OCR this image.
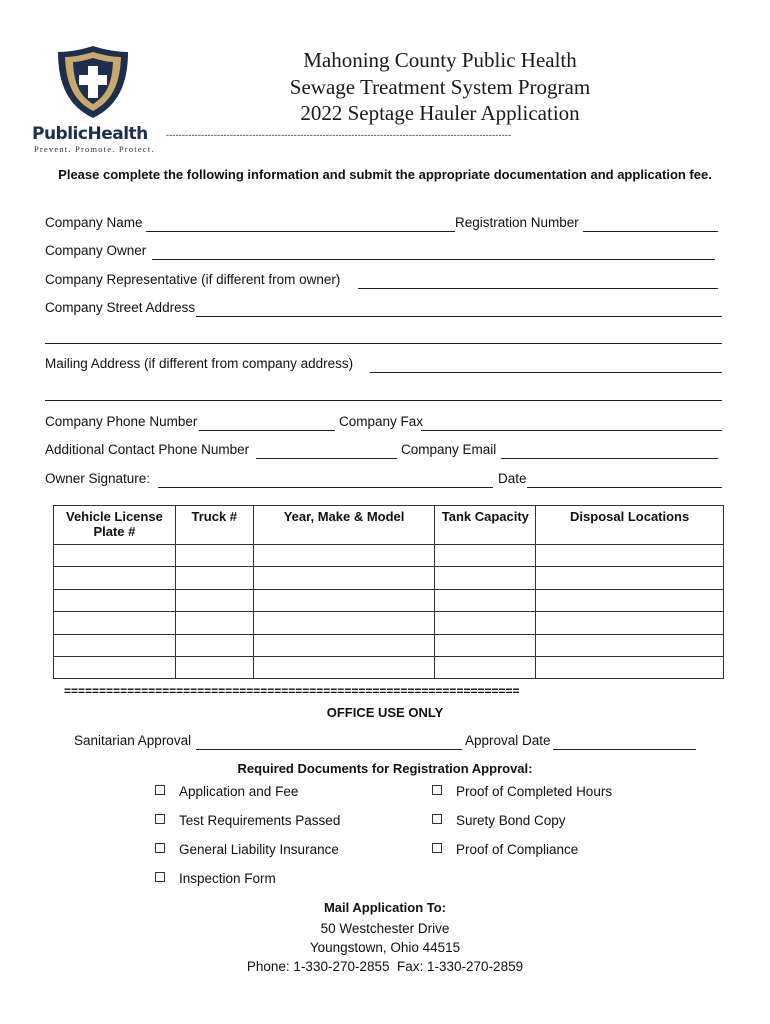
PublicHealth
Prevent. Promote. Protect.
Mahoning County Public Health
Sewage Treatment System Program
2022 Septage Hauler Application
------------------------------------------------------------------------------------------------------------
Please complete the following information and submit the appropriate documentation and application fee.
Company Name	Registration Number
Company Owner
Company Representative (if different from owner)
Company Street Address
Mailing Address (if different from company address)
Company Phone Number	Company Fax
Additional Contact Phone Number	Company Email
Owner Signature:	Date
Vehicle License Plate #	Truck #	Year, Make & Model	Tank Capacity	Disposal Locations

=================================================================
OFFICE USE ONLY
Sanitarian Approval	Approval Date
Required Documents for Registration Approval:
Application and Fee
Test Requirements Passed
General Liability Insurance
Inspection Form
Proof of Completed Hours
Surety Bond Copy
Proof of Compliance
Mail Application To:
50 Westchester Drive
Youngstown, Ohio 44515
Phone: 1-330-270-2855  Fax: 1-330-270-2859
